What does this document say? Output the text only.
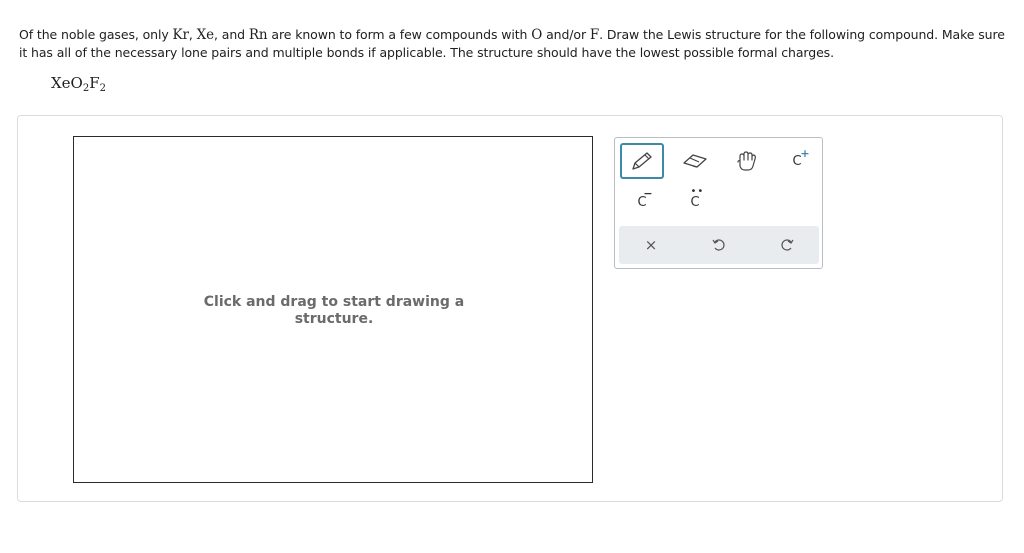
Of the noble gases, only Kr, Xe, and Rn are known to form a few compounds with O and/or F. Draw the Lewis structure for the following compound. Make sure it has all of the necessary lone pairs and multiple bonds if applicable. The structure should have the lowest possible formal charges.
$XeO_2F_2$
Click and drag to start drawing a
structure.
C
+
C
−	••
C
×
